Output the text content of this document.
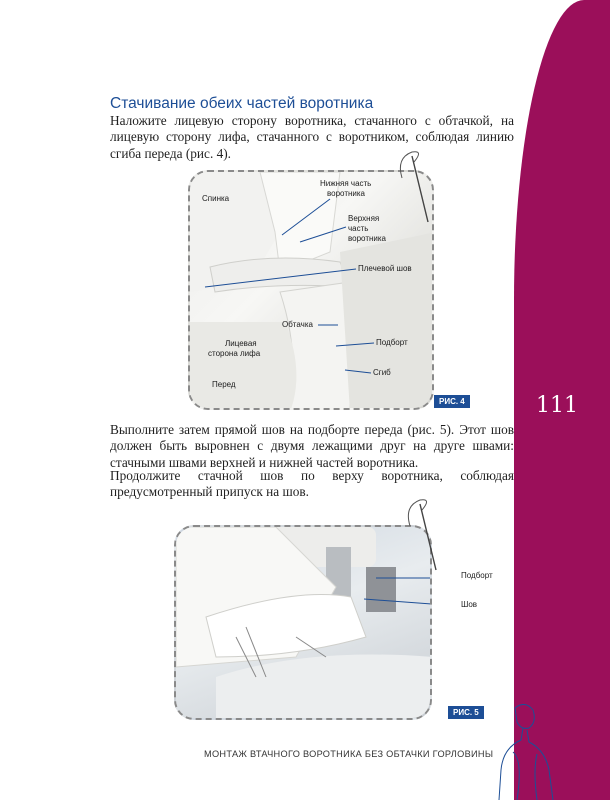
111
Стачивание обеих частей воротника

Наложите лицевую сторону воротника, стачанного с обтачкой, на лицевую сторону лифа, стачанного с воротником, соблюдая линию сгиба переда (рис. 4).

Спинка
Нижняя часть
воротника
Верхняя
часть
воротника
Плечевой шов
Обтачка
Лицевая
сторона лифа
Подборт
Перед
Сгиб
РИС. 4

Выполните затем прямой шов на подборте переда (рис. 5). Этот шов должен быть выровнен с двумя лежащими друг на друге швами: стачными швами верхней и нижней частей воротника.

Продолжите стачной шов по верху воротника, соблюдая предусмотренный припуск на шов.

Подборт
Шов
РИС. 5
МОНТАЖ ВТАЧНОГО ВОРОТНИКА БЕЗ ОБТАЧКИ ГОРЛОВИНЫ
